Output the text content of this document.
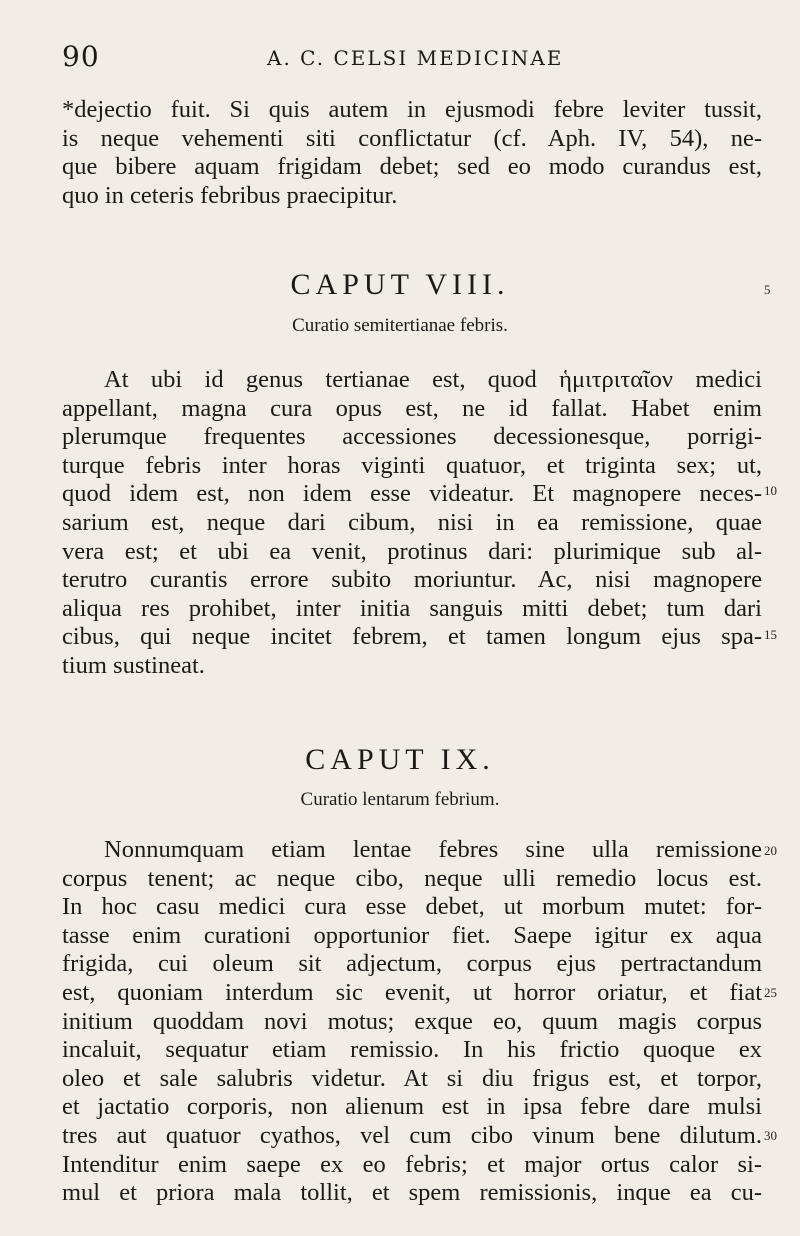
90	A. C. CELSI MEDICINAE
*dejectio fuit. Si quis autem in ejusmodi febre leviter tussit,
is neque vehementi siti conflictatur (cf. Aph. IV, 54), ne-
que bibere aquam frigidam debet; sed eo modo curandus est,
quo in ceteris febribus praecipitur.
CAPUT VIII.
Curatio semitertianae febris.
At ubi id genus tertianae est, quod ἡμιτριταῖον medici
appellant, magna cura opus est, ne id fallat. Habet enim
plerumque frequentes accessiones decessionesque, porrigi-
turque febris inter horas viginti quatuor, et triginta sex; ut,
quod idem est, non idem esse videatur. Et magnopere neces-
sarium est, neque dari cibum, nisi in ea remissione, quae
vera est; et ubi ea venit, protinus dari: plurimique sub al-
terutro curantis errore subito moriuntur. Ac, nisi magnopere
aliqua res prohibet, inter initia sanguis mitti debet; tum dari
cibus, qui neque incitet febrem, et tamen longum ejus spa-
tium sustineat.
CAPUT IX.
Curatio lentarum febrium.
Nonnumquam etiam lentae febres sine ulla remissione
corpus tenent; ac neque cibo, neque ulli remedio locus est.
In hoc casu medici cura esse debet, ut morbum mutet: for-
tasse enim curationi opportunior fiet. Saepe igitur ex aqua
frigida, cui oleum sit adjectum, corpus ejus pertractandum
est, quoniam interdum sic evenit, ut horror oriatur, et fiat
initium quoddam novi motus; exque eo, quum magis corpus
incaluit, sequatur etiam remissio. In his frictio quoque ex
oleo et sale salubris videtur. At si diu frigus est, et torpor,
et jactatio corporis, non alienum est in ipsa febre dare mulsi
tres aut quatuor cyathos, vel cum cibo vinum bene dilutum.
Intenditur enim saepe ex eo febris; et major ortus calor si-
mul et priora mala tollit, et spem remissionis, inque ea cu-
5
10
15
20
25
30
